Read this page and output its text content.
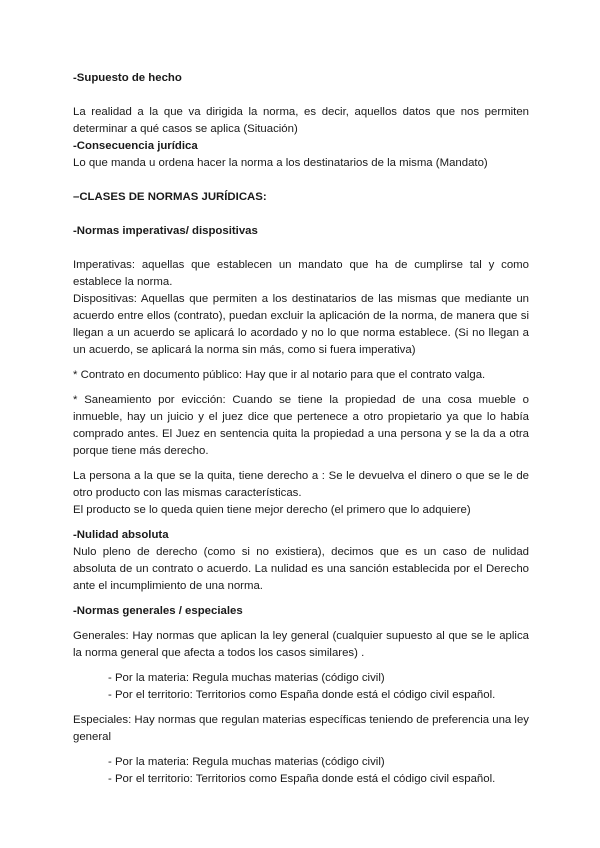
-Supuesto de hecho

La realidad a la que va dirigida la norma, es decir, aquellos datos que nos permiten determinar a qué casos se aplica (Situación)

-Consecuencia jurídica

Lo que manda u ordena hacer la norma a los destinatarios de la misma (Mandato)

–CLASES DE NORMAS JURÍDICAS:

-Normas imperativas/ dispositivas

Imperativas: aquellas que establecen un mandato que ha de cumplirse tal y como establece la norma.

Dispositivas: Aquellas que permiten a los destinatarios de las mismas que mediante un acuerdo entre ellos (contrato), puedan excluir la aplicación de la norma, de manera que si llegan a un acuerdo se aplicará lo acordado y no lo que norma establece. (Si no llegan a un acuerdo, se aplicará la norma sin más, como si fuera imperativa)

* Contrato en documento público: Hay que ir al notario para que el contrato valga.

* Saneamiento por evicción: Cuando se tiene la propiedad de una cosa mueble o inmueble, hay un juicio y el juez dice que pertenece a otro propietario ya que lo había comprado antes. El Juez en sentencia quita la propiedad a una persona y se la da a otra porque tiene más derecho.

La persona a la que se la quita, tiene derecho a : Se le devuelva el dinero o que se le de otro producto con las mismas características.

El producto se lo queda quien tiene mejor derecho (el primero que lo adquiere)

-Nulidad absoluta

Nulo pleno de derecho (como si no existiera), decimos que es un caso de nulidad absoluta de un contrato o acuerdo. La nulidad es una sanción establecida por el Derecho ante el incumplimiento de una norma.

-Normas generales / especiales

Generales: Hay normas que aplican la ley general (cualquier supuesto al que se le aplica la norma general que afecta a todos los casos similares) .

- Por la materia: Regula muchas materias (código civil)

- Por el territorio: Territorios como España donde está el código civil español.

Especiales: Hay normas que regulan materias específicas teniendo de preferencia una ley general

- Por la materia: Regula muchas materias (código civil)

- Por el territorio: Territorios como España donde está el código civil español.
